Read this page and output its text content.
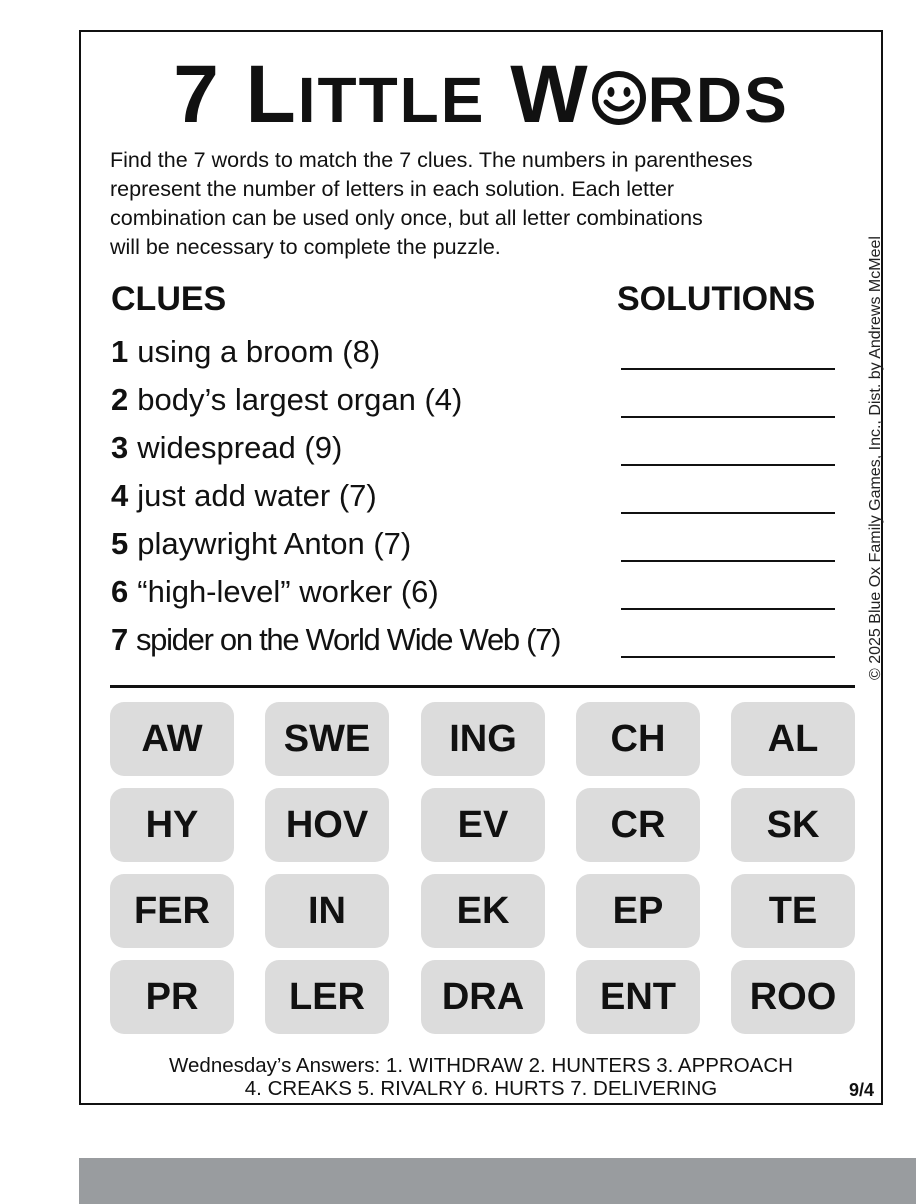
7 LITTLE W RDS
Find the 7 words to match the 7 clues. The numbers in parentheses
represent the number of letters in each solution. Each letter
combination can be used only once, but all letter combinations
will be necessary to complete the puzzle.	© 2025 Blue Ox Family Games, Inc., Dist. by Andrews McMeel
CLUES	SOLUTIONS
1 using a broom (8)
2 body’s largest organ (4)
3 widespread (9)
4 just add water (7)
5 playwright Anton (7)
6 “high-level” worker (6)
7 spider on the World Wide Web (7)
AW	SWE	ING	CH	AL
HY	HOV	EV	CR	SK
FER	IN	EK	EP	TE
PR	LER	DRA	ENT	ROO
Wednesday’s Answers: 1. WITHDRAW 2. HUNTERS 3. APPROACH
4. CREAKS 5. RIVALRY 6. HURTS 7. DELIVERING	9/4
